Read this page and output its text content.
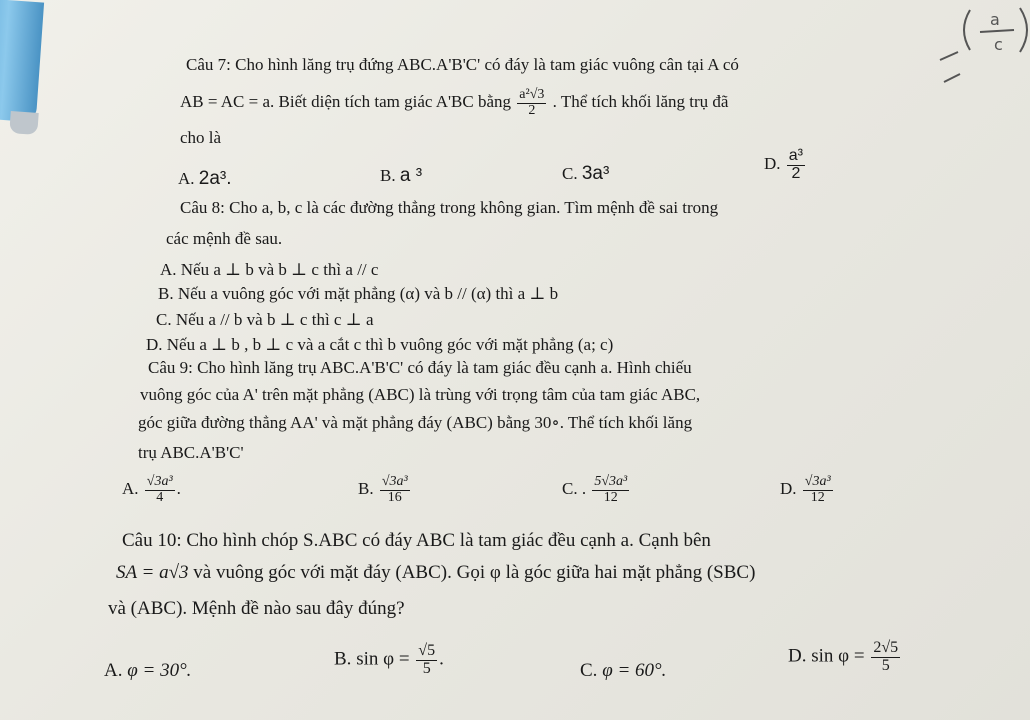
a
c
Câu 7: Cho hình lăng trụ đứng ABC.A'B'C' có đáy là tam giác vuông cân tại A có
AB = AC = a. Biết diện tích tam giác A'BC bằng $\frac{\text{a²√3}}{2}$ . Thể tích khối lăng trụ đã
cho là
A. 2a³.	B. a ³	C. 3a³	D. $\frac{\text{a³}}{2}$
Câu 8: Cho a, b, c là các đường thẳng trong không gian. Tìm mệnh đề sai trong
các mệnh đề sau.
A. Nếu a ⊥ b và b ⊥ c thì a // c
B. Nếu a vuông góc với mặt phẳng (α) và b // (α) thì a ⊥ b
C. Nếu a // b và b ⊥ c thì c ⊥ a
D. Nếu a ⊥ b , b ⊥ c và a cắt c thì b vuông góc với mặt phẳng (a; c)
Câu 9: Cho hình lăng trụ ABC.A'B'C' có đáy là tam giác đều cạnh a. Hình chiếu
vuông góc của A' trên mặt phẳng (ABC) là trùng với trọng tâm của tam giác ABC,
góc giữa đường thẳng AA' và mặt phẳng đáy (ABC) bằng 30∘. Thể tích khối lăng
trụ ABC.A'B'C'
A. $\frac{\text{√3a³}}{4}$ .	B. $\frac{\text{√3a³}}{16}$	C. . $\frac{\text{5√3a³}}{12}$	D. $\frac{\text{√3a³}}{12}$
Câu 10: Cho hình chóp S.ABC có đáy ABC là tam giác đều cạnh a. Cạnh bên
SA = a√3 và vuông góc với mặt đáy (ABC). Gọi φ là góc giữa hai mặt phẳng (SBC)
và (ABC). Mệnh đề nào sau đây đúng?
A. φ = 30°.
B. $\sin \varphi = \frac{√5}{5}$ .
C. φ = 60°.
D. $\sin \varphi = \frac{2√5}{5}$
